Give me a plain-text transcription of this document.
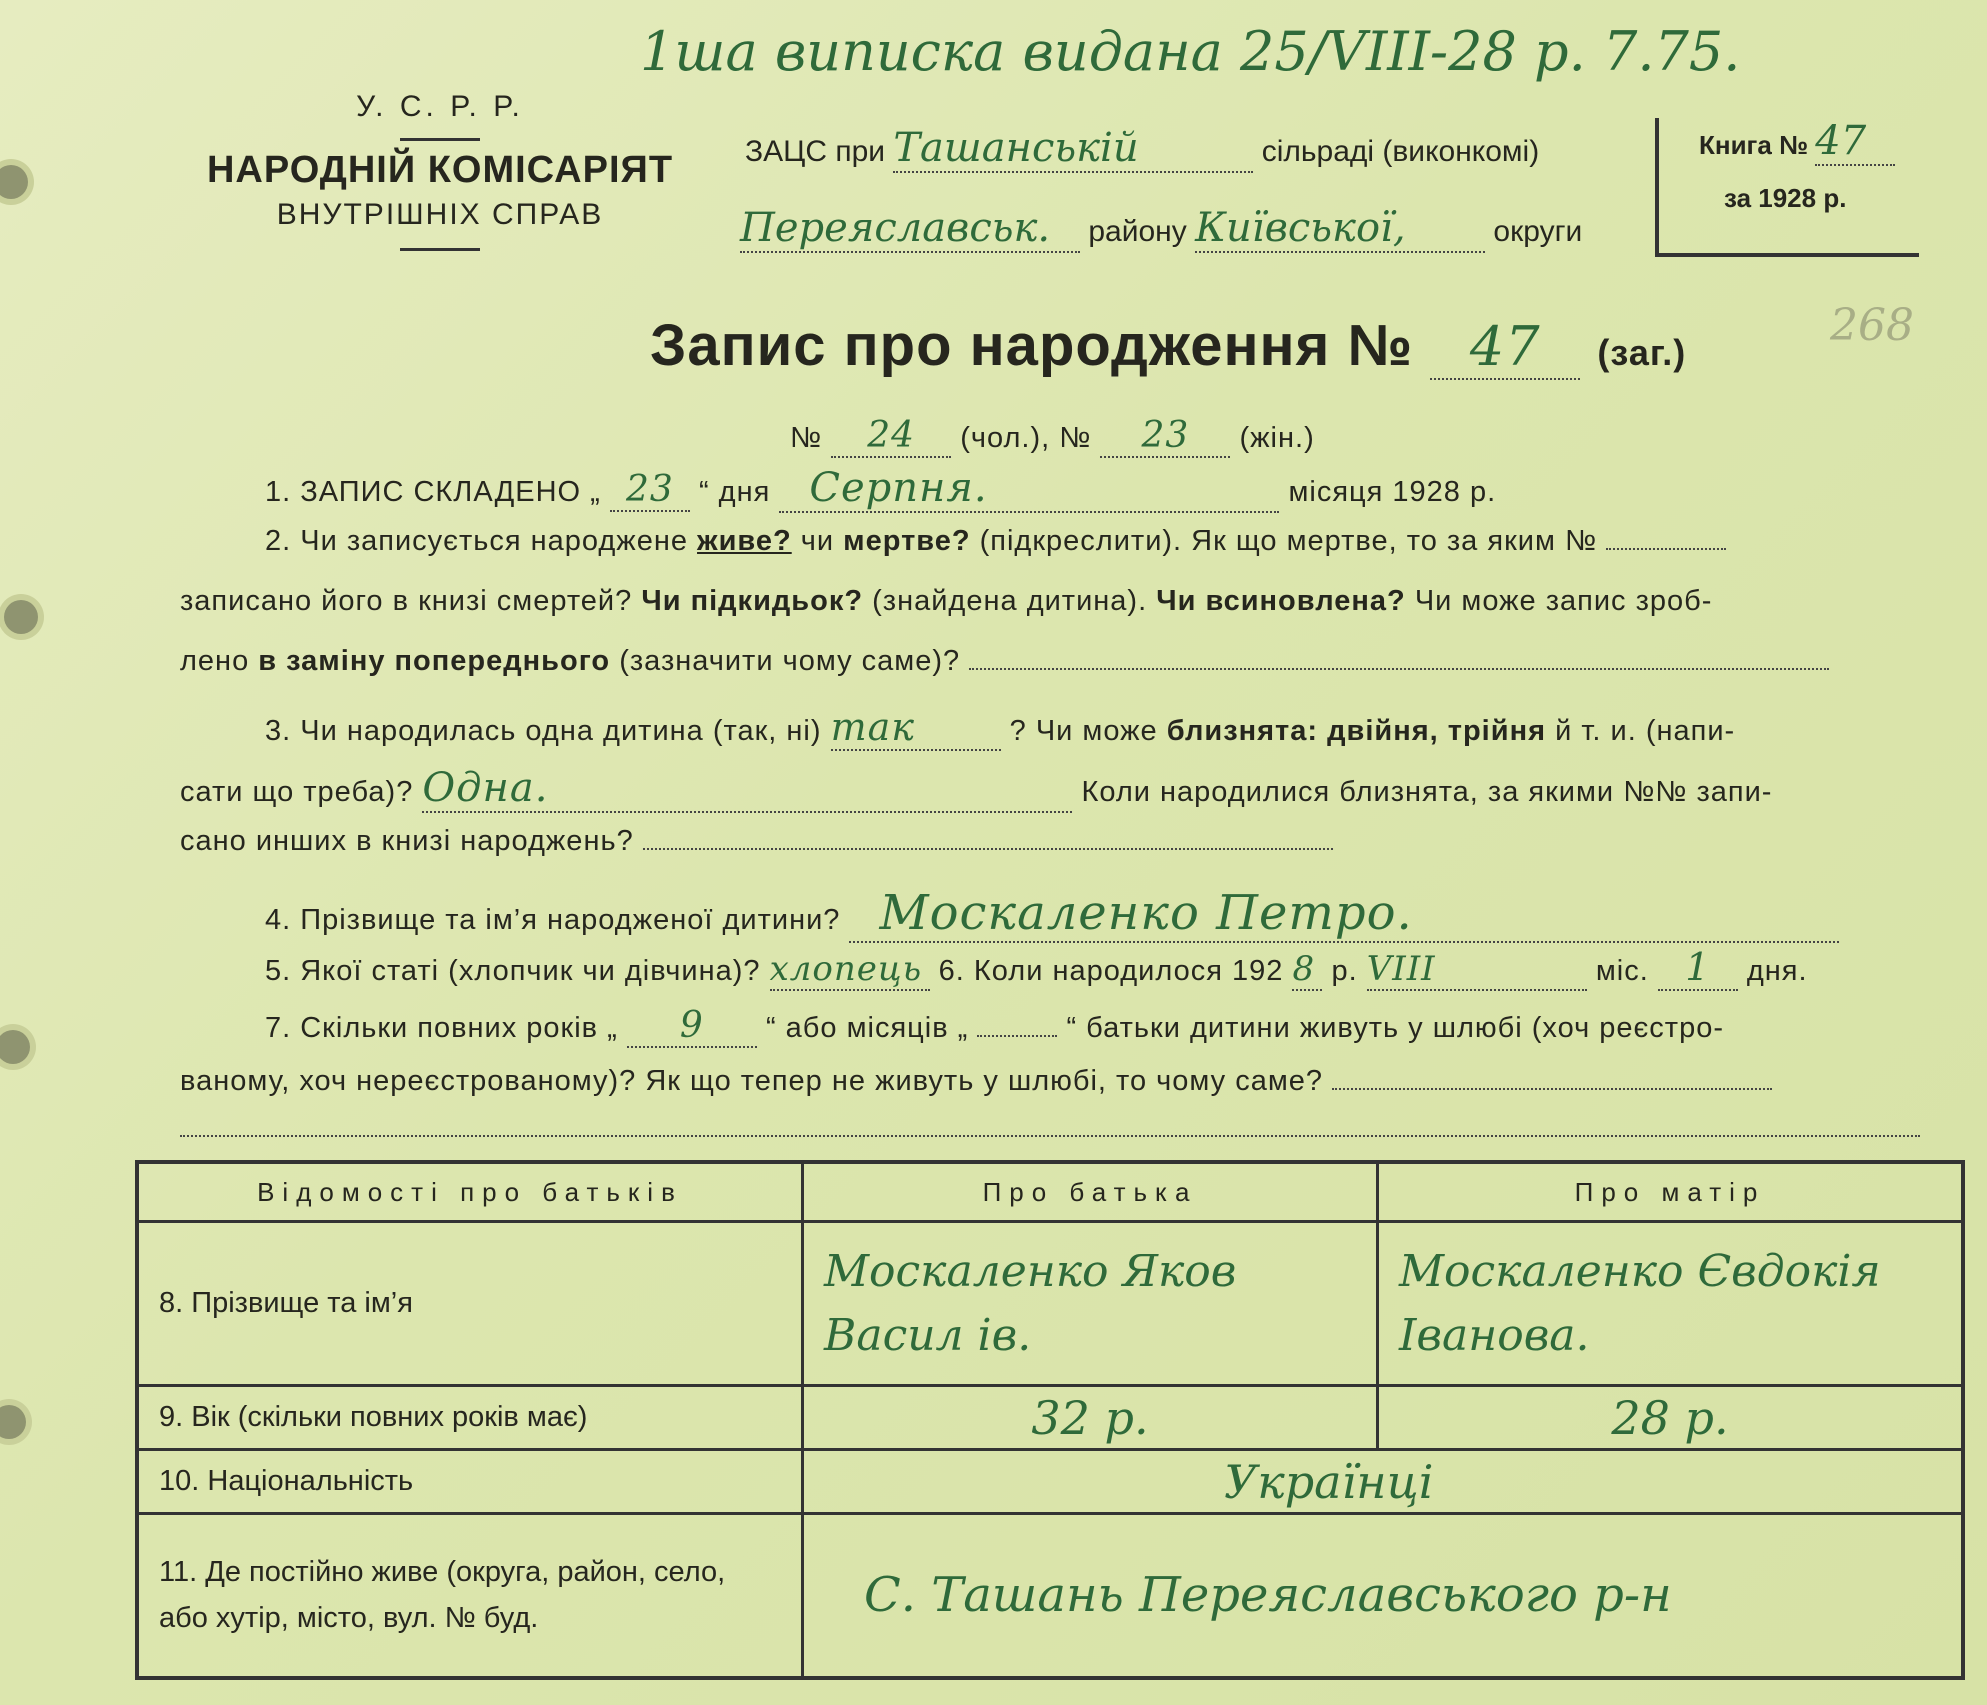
1ша виписка видана 25/VIII-28 р. 7.75.
У. С. Р. Р.
НАРОДНІЙ КОМІСАРІЯТ
ВНУТРІШНІХ СПРАВ
ЗАЦС при Ташанській	сільраді (виконкомі)
Переяславськ. району Київської,	округи
Книга № 47
за 1928 р.
268
Запис про народження № 47 (заг.)
№ 24 (чол.), № 23 (жін.)
1. ЗАПИС СКЛАДЕНО „ 23 “ дня Серпня.	місяця 1928 р.
2. Чи записується народжене живе? чи мертве? (підкреслити). Як що мертве, то за яким №
записано його в книзі смертей? Чи підкидьок? (знайдена дитина). Чи всиновлена? Чи може запис зроб-
лено в заміну попереднього (зазначити чому саме)?
3. Чи народилась одна дитина (так, ні) так	? Чи може близнята: двійня, трійня й т. и. (напи-
сати що треба)? Одна.	Коли народилися близнята, за якими №№ запи-
сано инших в книзі народжень?
4. Прізвище та ім’я народженої дитини? Москаленко Петро.
5. Якої статі (хлопчик чи дівчина)? хлопець 6. Коли народилося 192 8 р. VIII	міс. 1 дня.
7. Скільки повних років „ 9 “ або місяців „	“ батьки дитини живуть у шлюбі (хоч реєстро-
ваному, хоч нереєстрованому)? Як що тепер не живуть у шлюбі, то чому саме?
Відомості про батьків	Про батька	Про матір
8. Прізвище та ім’я	Москаленко Яков Васил ів.	Москаленко Євдокія Іванова.
9. Вік (скільки повних років має)	32 р.	28 р.
10. Національність	Українці	
11. Де постійно живе (округа, район, село, або хутір, місто, вул. № буд.	С. Ташань Переяславського р-н	
